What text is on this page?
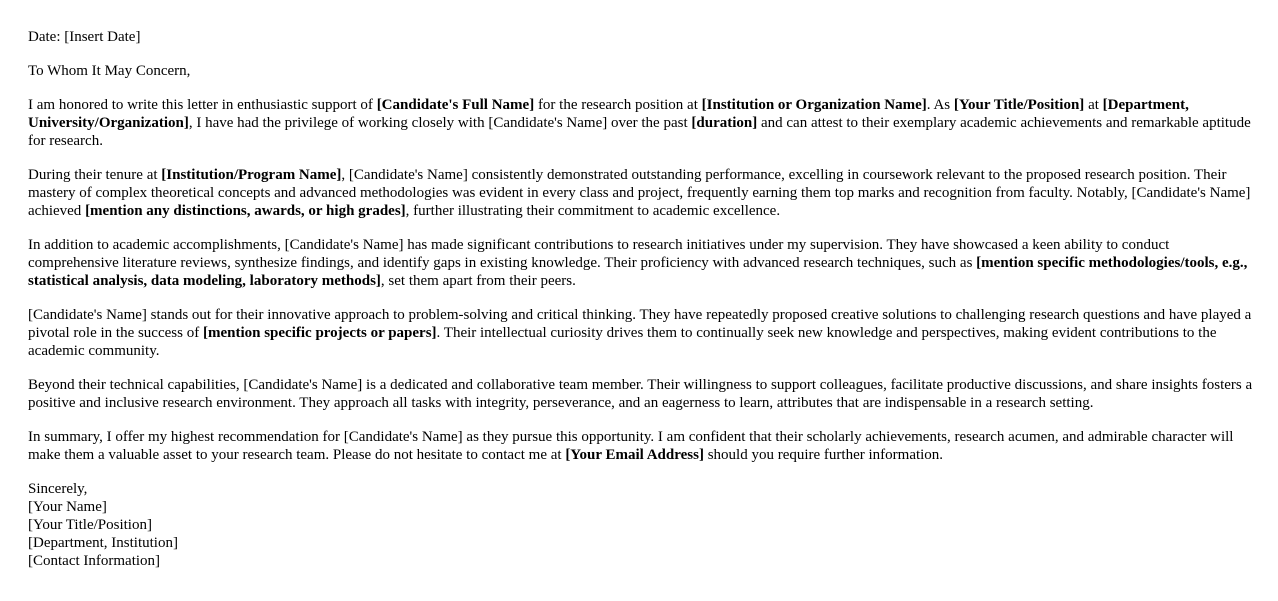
Date: [Insert Date]

To Whom It May Concern,

I am honored to write this letter in enthusiastic support of [Candidate's Full Name] for the research position at [Institution or Organization Name]. As [Your Title/Position] at [Department, University/Organization], I have had the privilege of working closely with [Candidate's Name] over the past [duration] and can attest to their exemplary academic achievements and remarkable aptitude for research.

During their tenure at [Institution/Program Name], [Candidate's Name] consistently demonstrated outstanding performance, excelling in coursework relevant to the proposed research position. Their mastery of complex theoretical concepts and advanced methodologies was evident in every class and project, frequently earning them top marks and recognition from faculty. Notably, [Candidate's Name] achieved [mention any distinctions, awards, or high grades], further illustrating their commitment to academic excellence.

In addition to academic accomplishments, [Candidate's Name] has made significant contributions to research initiatives under my supervision. They have showcased a keen ability to conduct comprehensive literature reviews, synthesize findings, and identify gaps in existing knowledge. Their proficiency with advanced research techniques, such as [mention specific methodologies/tools, e.g., statistical analysis, data modeling, laboratory methods], set them apart from their peers.

[Candidate's Name] stands out for their innovative approach to problem-solving and critical thinking. They have repeatedly proposed creative solutions to challenging research questions and have played a pivotal role in the success of [mention specific projects or papers]. Their intellectual curiosity drives them to continually seek new knowledge and perspectives, making evident contributions to the academic community.

Beyond their technical capabilities, [Candidate's Name] is a dedicated and collaborative team member. Their willingness to support colleagues, facilitate productive discussions, and share insights fosters a positive and inclusive research environment. They approach all tasks with integrity, perseverance, and an eagerness to learn, attributes that are indispensable in a research setting.

In summary, I offer my highest recommendation for [Candidate's Name] as they pursue this opportunity. I am confident that their scholarly achievements, research acumen, and admirable character will make them a valuable asset to your research team. Please do not hesitate to contact me at [Your Email Address] should you require further information.

Sincerely,
[Your Name]
[Your Title/Position]
[Department, Institution]
[Contact Information]
